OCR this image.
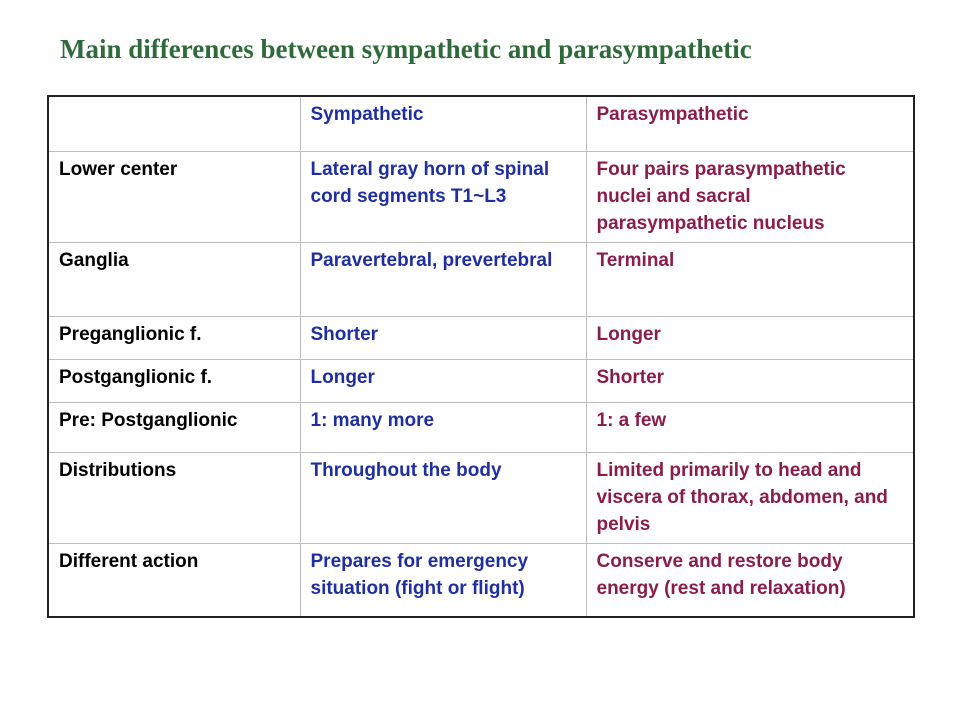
Main differences between sympathetic and parasympathetic
	Sympathetic	Parasympathetic
Lower center	Lateral gray horn of spinal cord segments T1~L3	Four pairs parasympathetic nuclei and sacral parasympathetic nucleus
Ganglia	Paravertebral, prevertebral	Terminal
Preganglionic f.	Shorter	Longer
Postganglionic f.	Longer	Shorter
Pre: Postganglionic	1: many more	1: a few
Distributions	Throughout the body	Limited primarily to head and viscera of thorax, abdomen, and pelvis
Different action	Prepares for emergency situation (fight or flight)	Conserve and restore body energy (rest and relaxation)
